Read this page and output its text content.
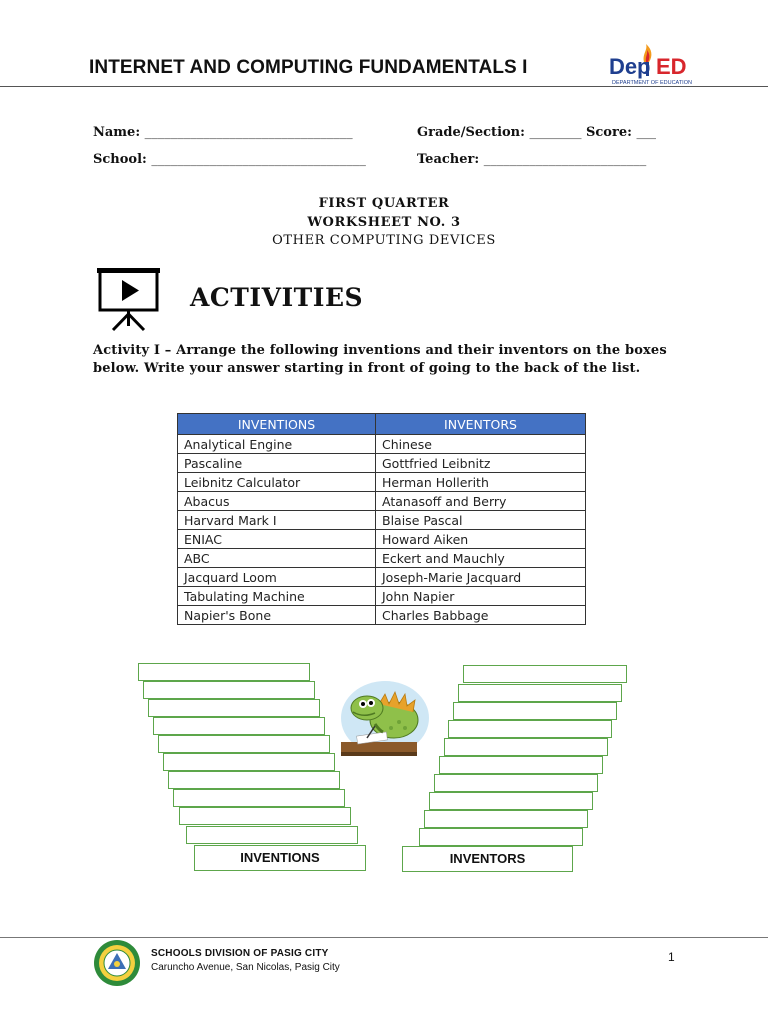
INTERNET AND COMPUTING FUNDAMENTALS I	De p ED
DEPARTMENT OF EDUCATION
Name: ________________________________	Grade/Section: ________ Score: ___
School: _________________________________	Teacher: _________________________
FIRST QUARTER
WORKSHEET NO. 3
OTHER COMPUTING DEVICES
ACTIVITIES
Activity I – Arrange the following inventions and their inventors on the boxes below. Write your answer starting in front of going to the back of the list.
INVENTIONS	INVENTORS
Analytical Engine	Chinese
Pascaline	Gottfried Leibnitz
Leibnitz Calculator	Herman Hollerith
Abacus	Atanasoff and Berry
Harvard Mark I	Blaise Pascal
ENIAC	Howard Aiken
ABC	Eckert and Mauchly
Jacquard Loom	Joseph-Marie Jacquard
Tabulating Machine	John Napier
Napier's Bone	Charles Babbage
INVENTIONS	INVENTORS
SCHOOLS DIVISION OF PASIG CITY
Caruncho Avenue, San Nicolas, Pasig City
1
